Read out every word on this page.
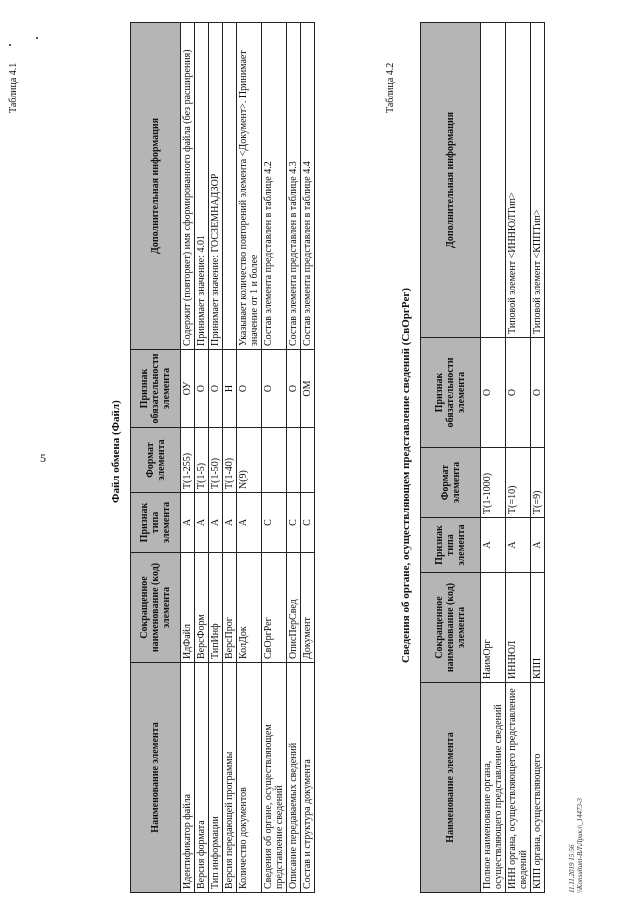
5
Таблица 4.1
Файл обмена (Файл)
Наименование элемента	Сокращенное наименование (код) элемента	Признак типа элемента	Формат элемента	Признак обязательности элемента	Дополнительная информация
Идентификатор файла	ИдФайл	А	T(1-255)	ОУ	Содержит (повторяет) имя сформированного файла (без расширения)
Версия формата	ВерсФорм	А	T(1-5)	О	Принимает значение: 4.01
Тип информации	ТипИнф	А	T(1-50)	О	Принимает значение: ГОСЗЕМНАДЗОР
Версия передающей программы	ВерсПрог	А	T(1-40)	Н	
Количество документов	КолДок	А	N(9)	О	Указывает количество повторений элемента <Документ>. Принимает значение от 1 и более
Сведения об органе, осуществляющем представление сведений	СвОргРег	С		О	Состав элемента представлен в таблице 4.2
Описание передаваемых сведений	ОписПерСвед	С		О	Состав элемента представлен в таблице 4.3
Состав и структура документа	Документ	С		ОМ	Состав элемента представлен в таблице 4.4
Таблица 4.2
Сведения об органе, осуществляющем представление сведений (СвОргРег)
Наименование элемента	Сокращенное наименование (код) элемента	Признак типа элемента	Формат элемента	Признак обязательности элемента	Дополнительная информация
Полное наименование органа, осуществляющего представление сведений	НаимОрг	А	T(1-1000)	О	
ИНН органа, осуществляющего представление сведений	ИННЮЛ	А	T(=10)	О	Типовой элемент <ИННЮЛТип>
КПП органа, осуществляющего	КПП	А	T(=9)	О	Типовой элемент <КППТип>
11.11.2019 15:56 \\Konsultant-ВЛ\Лрикл\_14473-3
